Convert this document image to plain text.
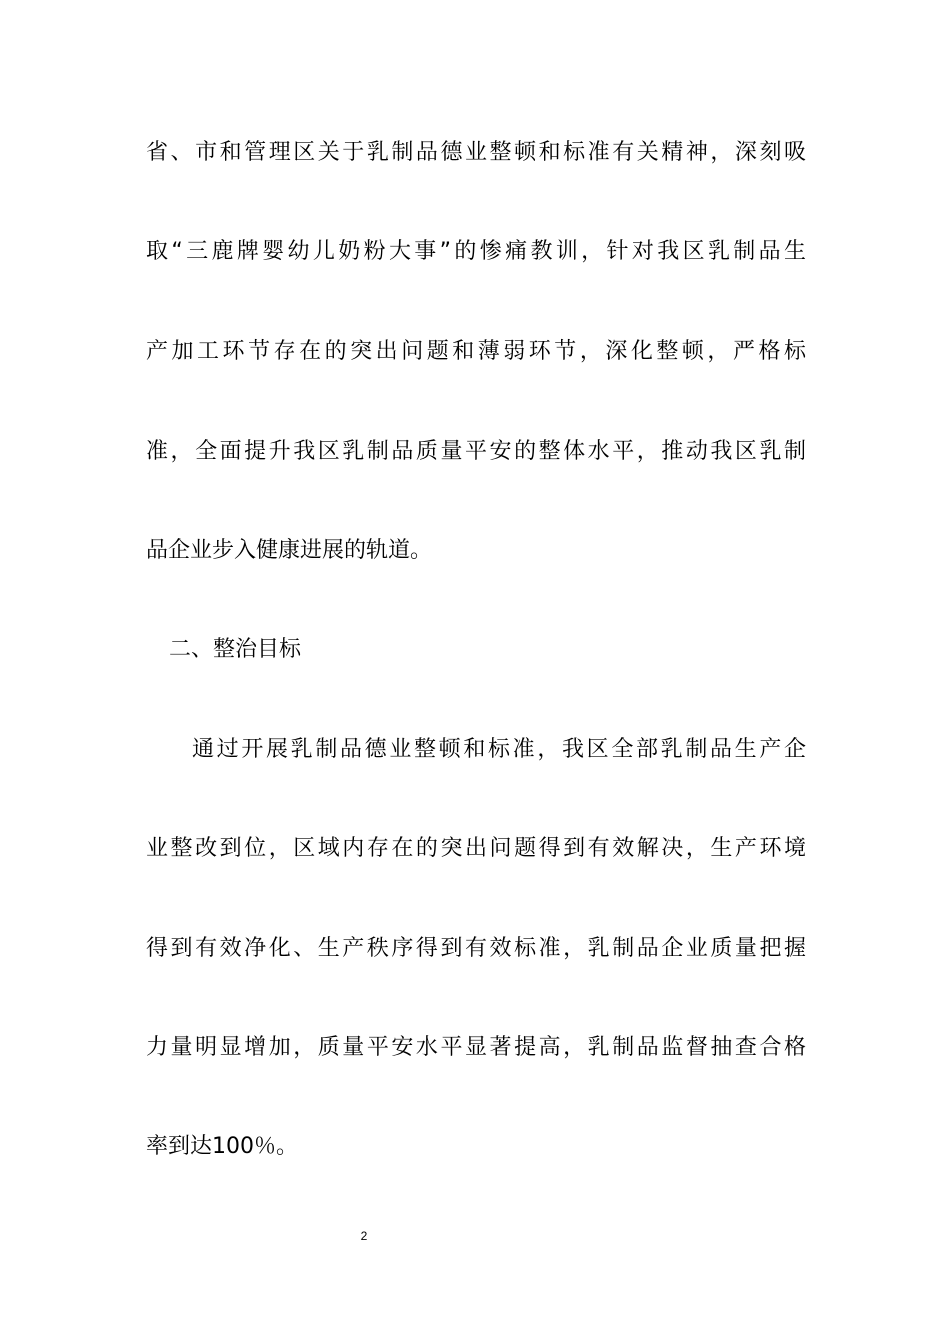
省、市和管理区关于乳制品德业整顿和标准有关精神，深刻吸
取“三鹿牌婴幼儿奶粉大事”的惨痛教训，针对我区乳制品生
产加工环节存在的突出问题和薄弱环节，深化整顿，严格标
准，全面提升我区乳制品质量平安的整体水平，推动我区乳制
品企业步入健康进展的轨道。
二、整治目标
通过开展乳制品德业整顿和标准，我区全部乳制品生产企
业整改到位，区域内存在的突出问题得到有效解决，生产环境
得到有效净化、生产秩序得到有效标准，乳制品企业质量把握
力量明显增加，质量平安水平显著提高，乳制品监督抽查合格
率到达100％。
2
